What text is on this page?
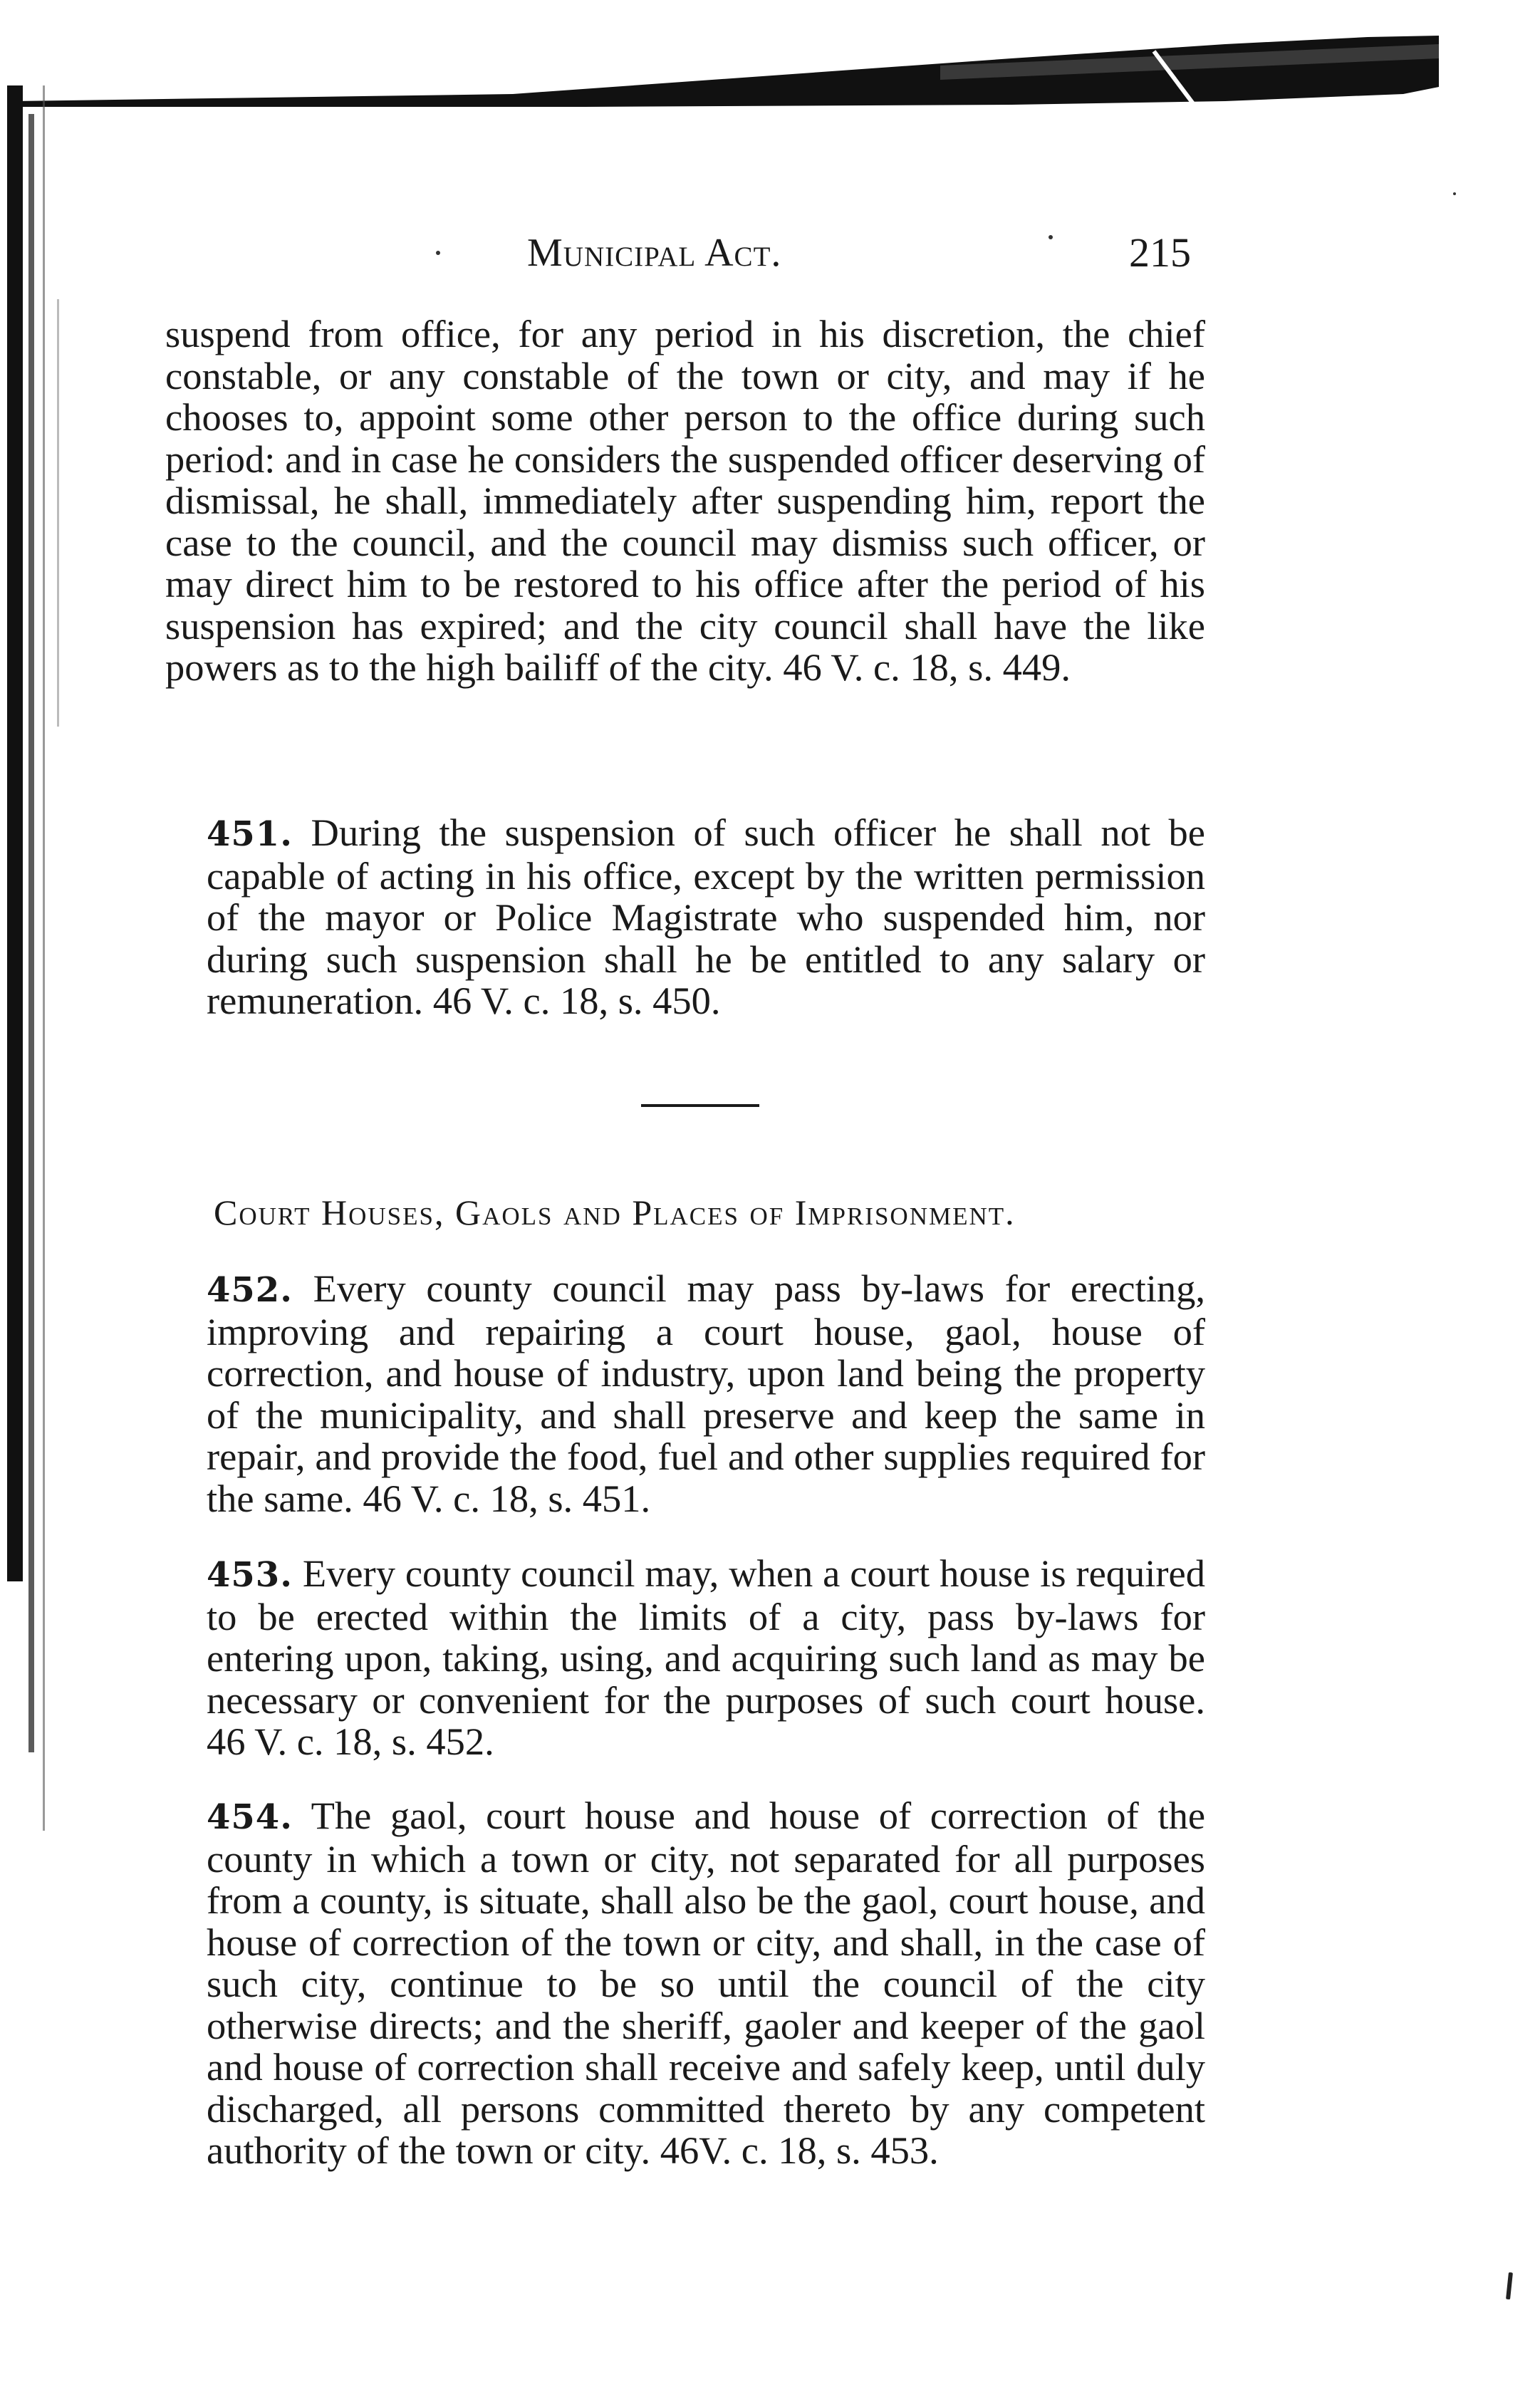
Municipal Act.	215

suspend from office, for any period in his discretion, the chief constable, or any constable of the town or city, and may if he chooses to, appoint some other person to the office during such period: and in case he considers the suspended officer deserving of dismissal, he shall, immediately after suspending him, report the case to the council, and the council may dismiss such officer, or may direct him to be restored to his office after the period of his suspension has expired; and the city council shall have the like powers as to the high bailiff of the city. 46 V. c. 18, s. 449.

451. During the suspension of such officer he shall not be capable of acting in his office, except by the written permission of the mayor or Police Magistrate who suspended him, nor during such suspension shall he be entitled to any salary or remuneration. 46 V. c. 18, s. 450.

Court Houses, Gaols and Places of Imprisonment.

452. Every county council may pass by-laws for erecting, improving and repairing a court house, gaol, house of correction, and house of industry, upon land being the property of the municipality, and shall preserve and keep the same in repair, and provide the food, fuel and other supplies required for the same. 46 V. c. 18, s. 451.

453. Every county council may, when a court house is required to be erected within the limits of a city, pass by-laws for entering upon, taking, using, and acquiring such land as may be necessary or convenient for the purposes of such court house. 46 V. c. 18, s. 452.

454. The gaol, court house and house of correction of the county in which a town or city, not separated for all purposes from a county, is situate, shall also be the gaol, court house, and house of correction of the town or city, and shall, in the case of such city, continue to be so until the council of the city otherwise directs; and the sheriff, gaoler and keeper of the gaol and house of correction shall receive and safely keep, until duly discharged, all persons committed thereto by any competent authority of the town or city. 46V. c. 18, s. 453.
